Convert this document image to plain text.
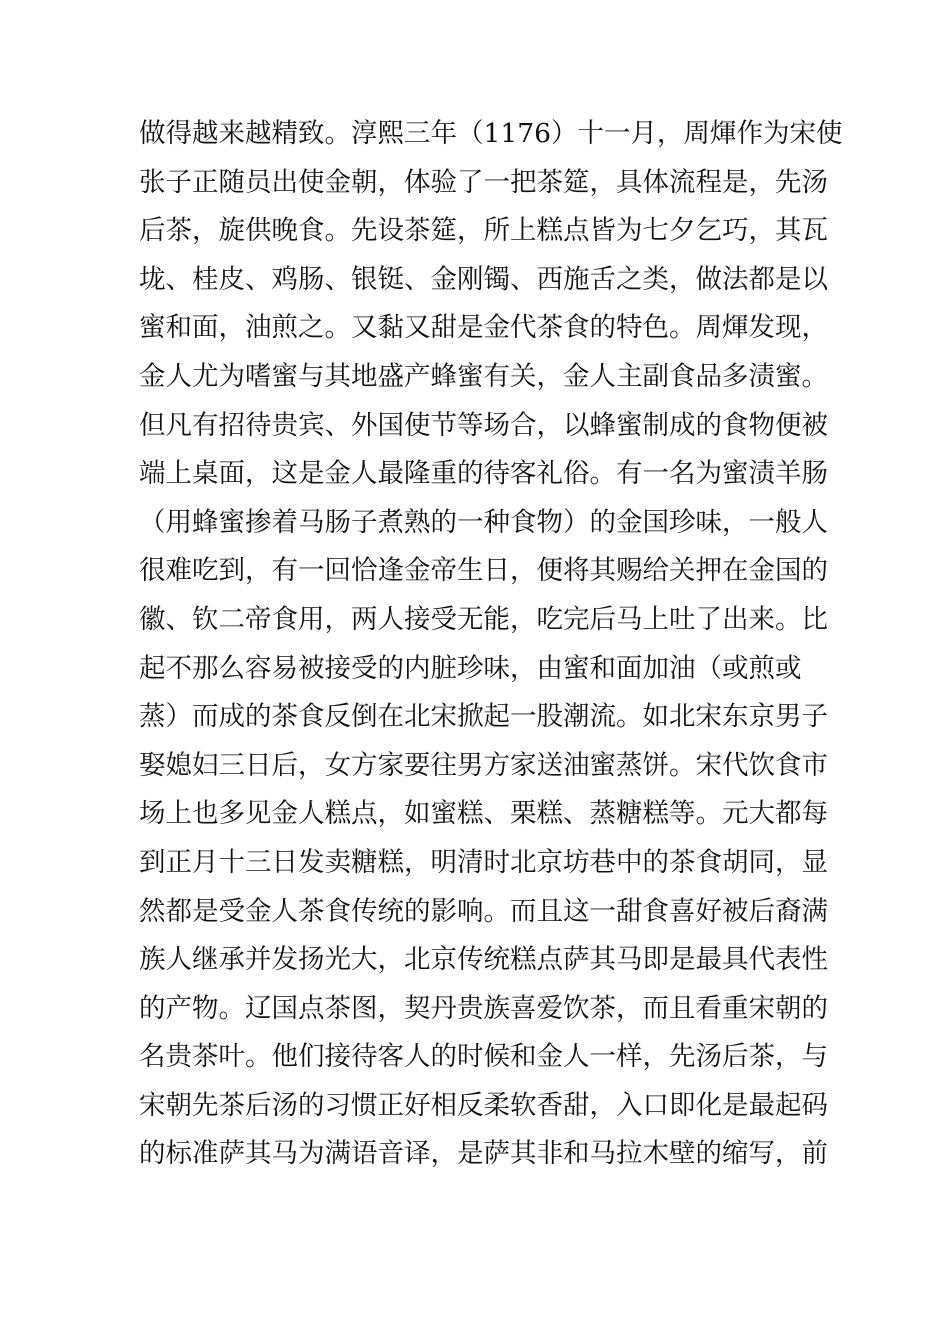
做得越来越精致。淳熙三年（1176）十一月，周煇作为宋使
张子正随员出使金朝，体验了一把茶筵，具体流程是，先汤
后茶，旋供晚食。先设茶筵，所上糕点皆为七夕乞巧，其瓦
垅、桂皮、鸡肠、银铤、金刚镯、西施舌之类，做法都是以
蜜和面，油煎之。又黏又甜是金代茶食的特色。周煇发现，
金人尤为嗜蜜与其地盛产蜂蜜有关，金人主副食品多渍蜜。
但凡有招待贵宾、外国使节等场合，以蜂蜜制成的食物便被
端上桌面，这是金人最隆重的待客礼俗。有一名为蜜渍羊肠
（用蜂蜜掺着马肠子煮熟的一种食物）的金国珍味，一般人
很难吃到，有一回恰逢金帝生日，便将其赐给关押在金国的
徽、钦二帝食用，两人接受无能，吃完后马上吐了出来。比
起不那么容易被接受的内脏珍味，由蜜和面加油（或煎或
蒸）而成的茶食反倒在北宋掀起一股潮流。如北宋东京男子
娶媳妇三日后，女方家要往男方家送油蜜蒸饼。宋代饮食市
场上也多见金人糕点，如蜜糕、栗糕、蒸糖糕等。元大都每
到正月十三日发卖糖糕，明清时北京坊巷中的茶食胡同，显
然都是受金人茶食传统的影响。而且这一甜食喜好被后裔满
族人继承并发扬光大，北京传统糕点萨其马即是最具代表性
的产物。辽国点茶图，契丹贵族喜爱饮茶，而且看重宋朝的
名贵茶叶。他们接待客人的时候和金人一样，先汤后茶，与
宋朝先茶后汤的习惯正好相反柔软香甜，入口即化是最起码
的标准萨其马为满语音译，是萨其非和马拉木壁的缩写，前
